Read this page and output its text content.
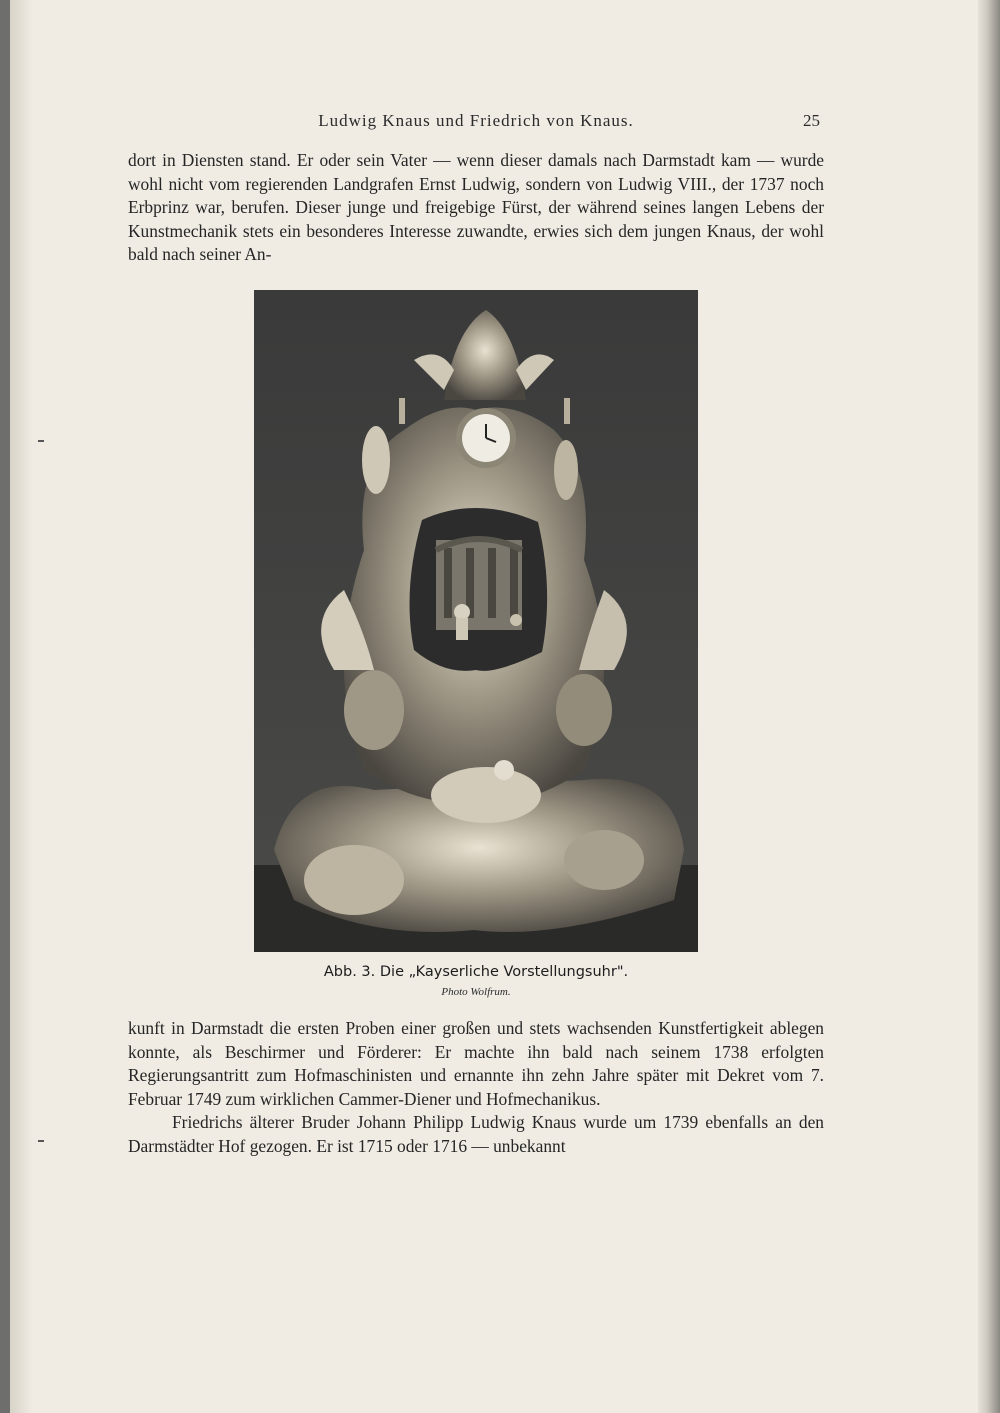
Ludwig Knaus und Friedrich von Knaus.	25

dort in Diensten stand. Er oder sein Vater — wenn dieser damals nach Darmstadt kam — wurde wohl nicht vom regierenden Landgrafen Ernst Ludwig, sondern von Ludwig VIII., der 1737 noch Erbprinz war, berufen. Dieser junge und freigebige Fürst, der während seines langen Lebens der Kunstmechanik stets ein besonderes Interesse zuwandte, erwies sich dem jungen Knaus, der wohl bald nach seiner An-

Abb. 3. Die „Kayserliche Vorstellungsuhr".
Photo Wolfrum.

kunft in Darmstadt die ersten Proben einer großen und stets wachsenden Kunstfertigkeit ablegen konnte, als Beschirmer und Förderer: Er machte ihn bald nach seinem 1738 erfolgten Regierungsantritt zum Hofmaschinisten und ernannte ihn zehn Jahre später mit Dekret vom 7. Februar 1749 zum wirklichen Cammer-Diener und Hofmechanikus.

Friedrichs älterer Bruder Johann Philipp Ludwig Knaus wurde um 1739 ebenfalls an den Darmstädter Hof gezogen. Er ist 1715 oder 1716 — unbekannt
